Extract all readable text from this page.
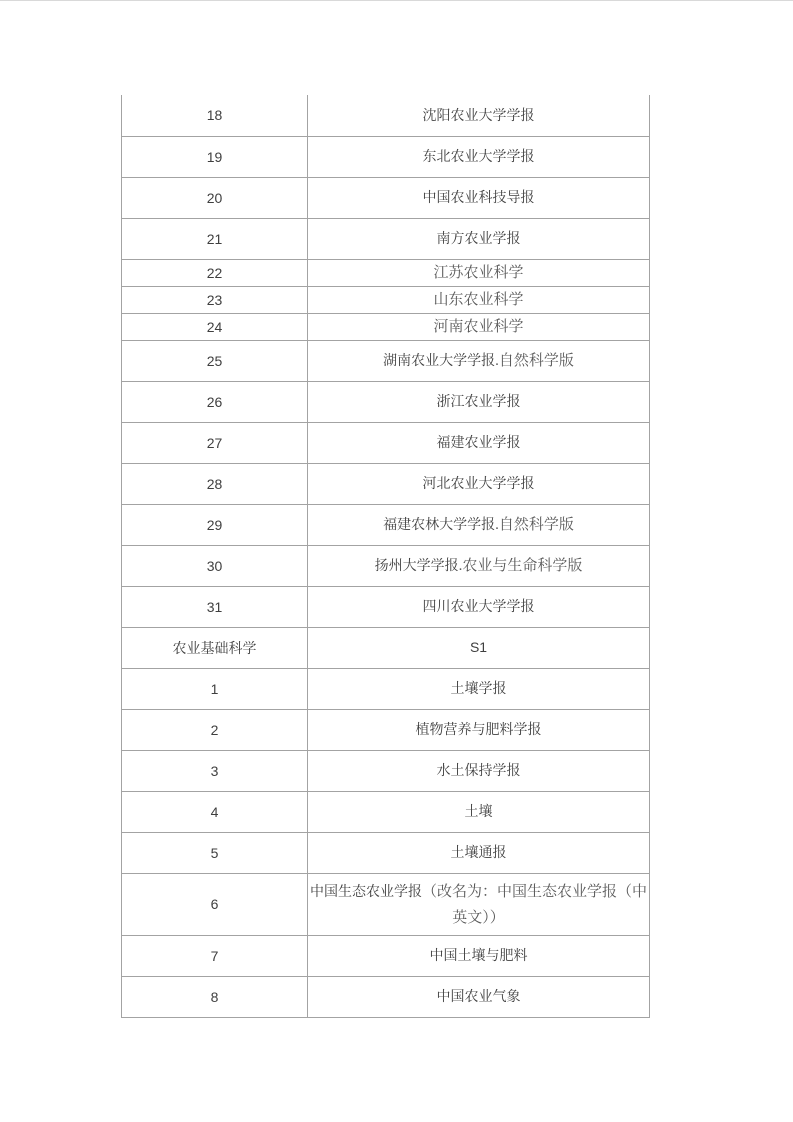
18	沈阳农业大学学报
19	东北农业大学学报
20	中国农业科技导报
21	南方农业学报
22	江苏农业科学
23	山东农业科学
24	河南农业科学
25	湖南农业大学学报.自然科学版
26	浙江农业学报
27	福建农业学报
28	河北农业大学学报
29	福建农林大学学报.自然科学版
30	扬州大学学报.农业与生命科学版
31	四川农业大学学报
农业基础科学	S1
1	土壤学报
2	植物营养与肥料学报
3	水土保持学报
4	土壤
5	土壤通报
6	中国生态农业学报（改名为：中国生态农业学报（中英文））
7	中国土壤与肥料
8	中国农业气象
